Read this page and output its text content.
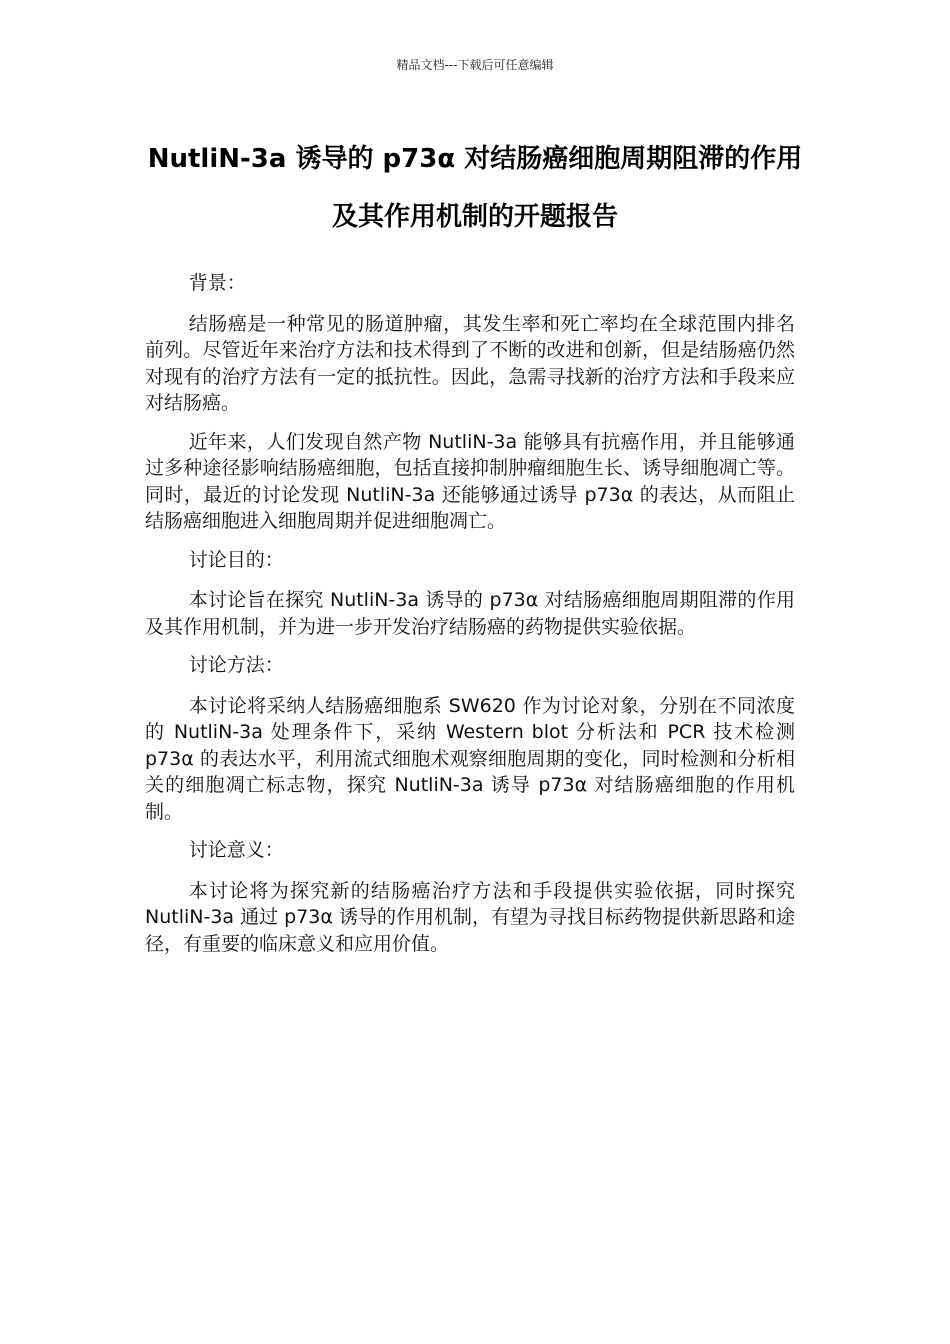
精品文档---下载后可任意编辑
NutliN-3a 诱导的 p73α 对结肠癌细胞周期阻滞的作用
及其作用机制的开题报告

背景：

结肠癌是一种常见的肠道肿瘤，其发生率和死亡率均在全球范围内排名前列。尽管近年来治疗方法和技术得到了不断的改进和创新，但是结肠癌仍然对现有的治疗方法有一定的抵抗性。因此，急需寻找新的治疗方法和手段来应对结肠癌。

近年来，人们发现自然产物 NutliN-3a 能够具有抗癌作用，并且能够通过多种途径影响结肠癌细胞，包括直接抑制肿瘤细胞生长、诱导细胞凋亡等。同时，最近的讨论发现 NutliN-3a 还能够通过诱导 p73α 的表达，从而阻止结肠癌细胞进入细胞周期并促进细胞凋亡。

讨论目的：

本讨论旨在探究 NutliN-3a 诱导的 p73α 对结肠癌细胞周期阻滞的作用及其作用机制，并为进一步开发治疗结肠癌的药物提供实验依据。

讨论方法：

本讨论将采纳人结肠癌细胞系 SW620 作为讨论对象，分别在不同浓度的 NutliN-3a 处理条件下，采纳 Western blot 分析法和 PCR 技术检测 p73α 的表达水平，利用流式细胞术观察细胞周期的变化，同时检测和分析相关的细胞凋亡标志物，探究 NutliN-3a 诱导 p73α 对结肠癌细胞的作用机制。

讨论意义：

本讨论将为探究新的结肠癌治疗方法和手段提供实验依据，同时探究 NutliN-3a 通过 p73α 诱导的作用机制，有望为寻找目标药物提供新思路和途径，有重要的临床意义和应用价值。
